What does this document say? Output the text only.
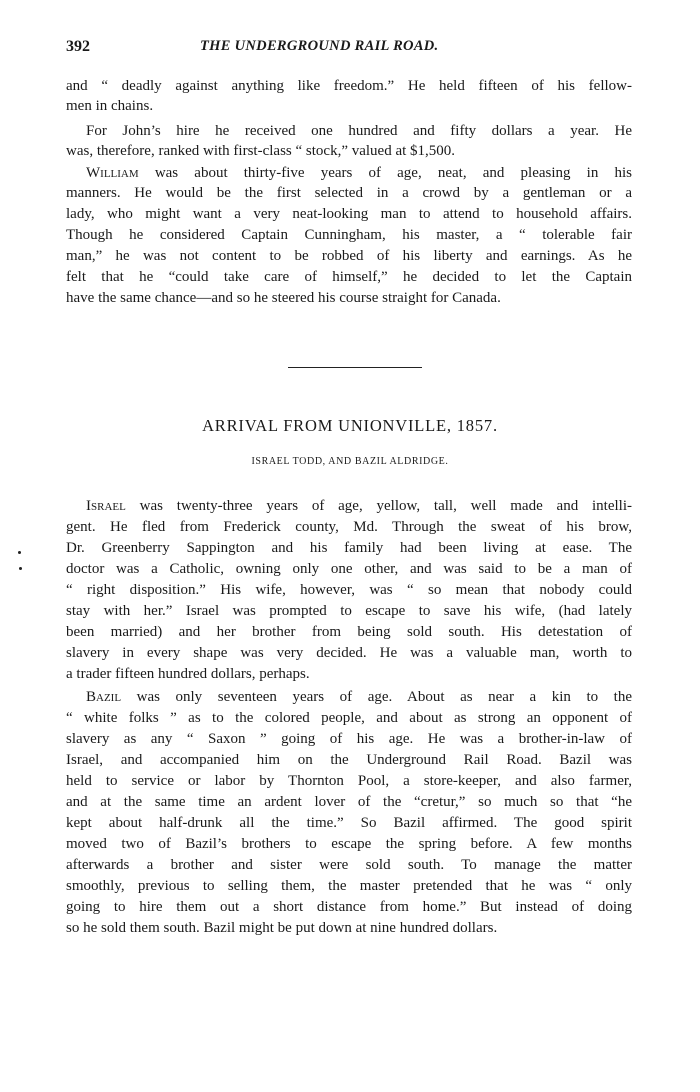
392	THE UNDERGROUND RAIL ROAD.
and “ deadly against anything like freedom.” He held fifteen of his fellow-
men in chains.
For John’s hire he received one hundred and fifty dollars a year. He
was, therefore, ranked with first-class “ stock,” valued at $1,500.
William was about thirty-five years of age, neat, and pleasing in his
manners. He would be the first selected in a crowd by a gentleman or a
lady, who might want a very neat-looking man to attend to household affairs.
Though he considered Captain Cunningham, his master, a “ tolerable fair
man,” he was not content to be robbed of his liberty and earnings. As he
felt that he “could take care of himself,” he decided to let the Captain
have the same chance—and so he steered his course straight for Canada.
ARRIVAL FROM UNIONVILLE, 1857.
ISRAEL TODD, AND BAZIL ALDRIDGE.
Israel was twenty-three years of age, yellow, tall, well made and intelli-
gent. He fled from Frederick county, Md. Through the sweat of his brow,
Dr. Greenberry Sappington and his family had been living at ease. The
doctor was a Catholic, owning only one other, and was said to be a man of
“ right disposition.” His wife, however, was “ so mean that nobody could
stay with her.” Israel was prompted to escape to save his wife, (had lately
been married) and her brother from being sold south. His detestation of
slavery in every shape was very decided. He was a valuable man, worth to
a trader fifteen hundred dollars, perhaps.
Bazil was only seventeen years of age. About as near a kin to the
“ white folks ” as to the colored people, and about as strong an opponent of
slavery as any “ Saxon ” going of his age. He was a brother-in-law of
Israel, and accompanied him on the Underground Rail Road. Bazil was
held to service or labor by Thornton Pool, a store-keeper, and also farmer,
and at the same time an ardent lover of the “cretur,” so much so that “he
kept about half-drunk all the time.” So Bazil affirmed. The good spirit
moved two of Bazil’s brothers to escape the spring before. A few months
afterwards a brother and sister were sold south. To manage the matter
smoothly, previous to selling them, the master pretended that he was “ only
going to hire them out a short distance from home.” But instead of doing
so he sold them south. Bazil might be put down at nine hundred dollars.
